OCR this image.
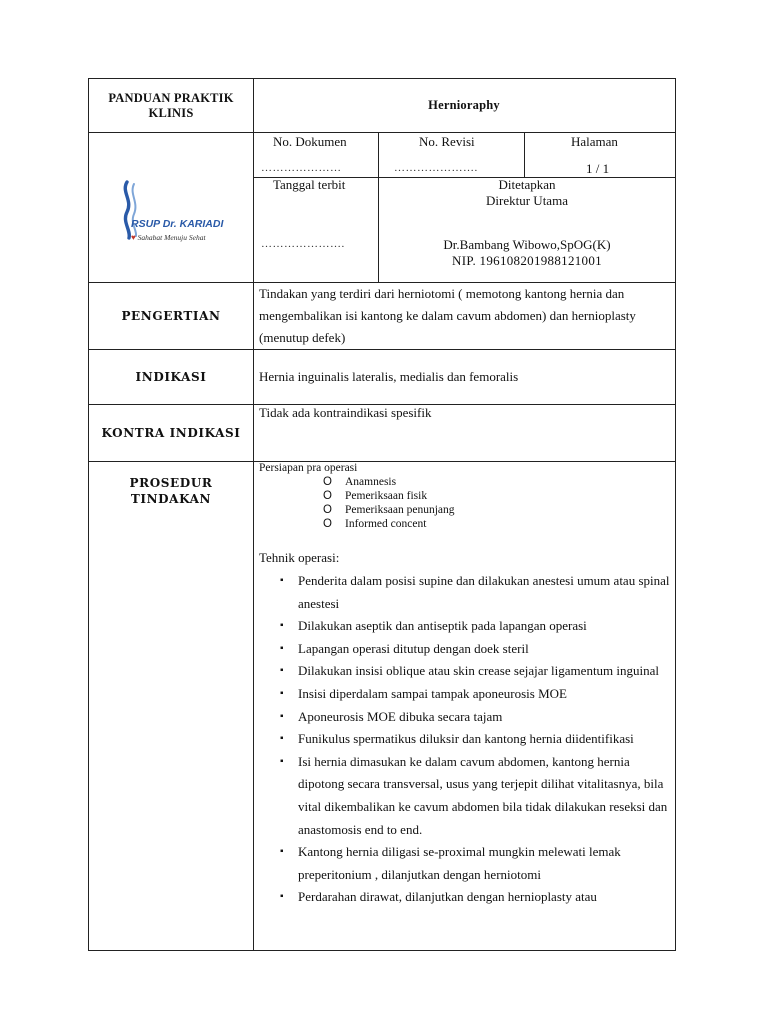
PANDUAN PRAKTIK KLINIS
Hernioraphy
RSUP Dr. KARIADI
♥ Sahabat Menuju Sehat
No. Dokumen
…………………
No. Revisi
………………….
Halaman
1 / 1
Tanggal terbit
………………….
Ditetapkan
Direktur Utama
Dr.Bambang Wibowo,SpOG(K)
NIP. 196108201988121001
PENGERTIAN
Tindakan yang terdiri dari herniotomi ( memotong kantong hernia dan mengembalikan isi kantong ke dalam cavum abdomen) dan hernioplasty (menutup defek)
INDIKASI	Hernia inguinalis lateralis, medialis dan femoralis
KONTRA INDIKASI
Tidak ada kontraindikasi spesifik
PROSEDUR TINDAKAN
Persiapan pra operasi
O Anamnesis
O Pemeriksaan fisik
O Pemeriksaan penunjang
O Informed concent
Tehnik operasi:
▪ Penderita dalam posisi supine dan dilakukan anestesi umum atau spinal anestesi
▪ Dilakukan aseptik dan antiseptik pada lapangan operasi
▪ Lapangan operasi ditutup dengan doek steril
▪ Dilakukan insisi oblique atau skin crease sejajar ligamentum inguinal
▪ Insisi diperdalam sampai tampak aponeurosis MOE
▪ Aponeurosis MOE dibuka secara tajam
▪ Funikulus spermatikus diluksir dan kantong hernia diidentifikasi
▪ Isi hernia dimasukan ke dalam cavum abdomen, kantong hernia dipotong secara transversal, usus yang terjepit dilihat vitalitasnya, bila vital dikembalikan ke cavum abdomen bila tidak dilakukan reseksi dan anastomosis end to end.
▪ Kantong hernia diligasi se-proximal mungkin melewati lemak preperitonium , dilanjutkan dengan herniotomi
▪ Perdarahan dirawat, dilanjutkan dengan hernioplasty atau
